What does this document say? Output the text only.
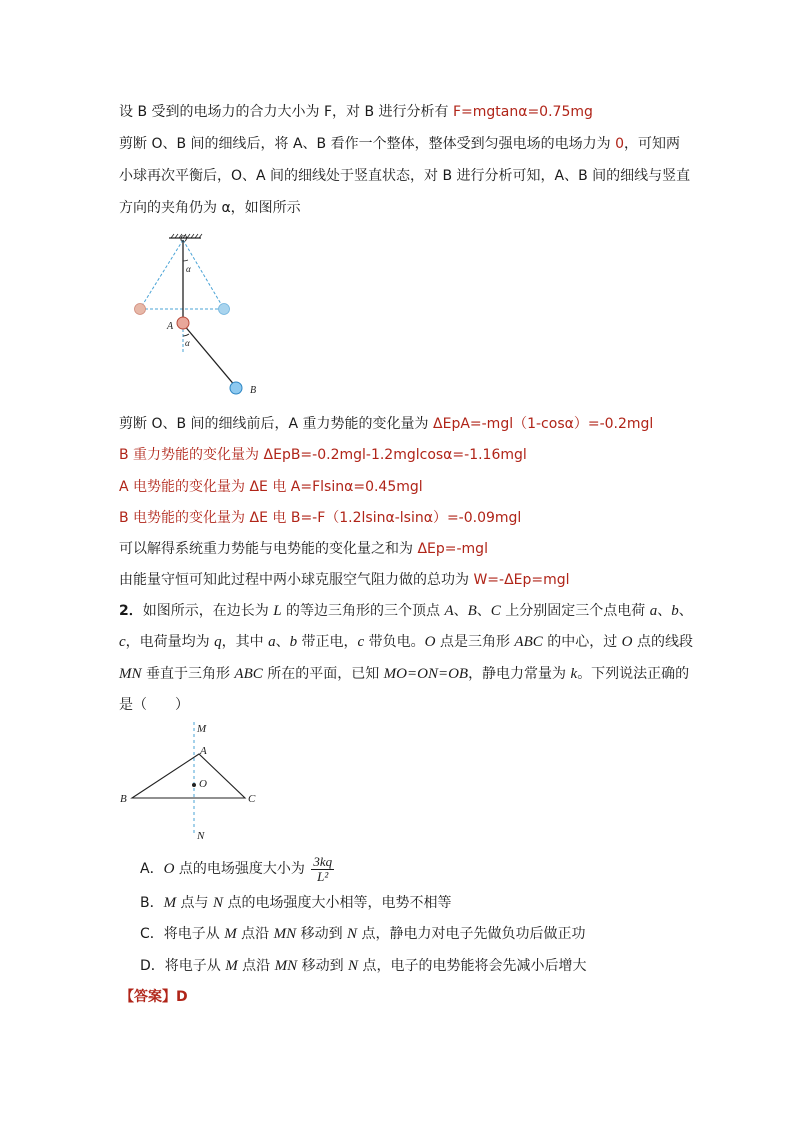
设 B 受到的电场力的合力大小为 F，对 B 进行分析有 F=mgtanα=0.75mg
剪断 O、B 间的细线后，将 A、B 看作一个整体，整体受到匀强电场的电场力为 0，可知两
小球再次平衡后，O、A 间的细线处于竖直状态，对 B 进行分析可知，A、B 间的细线与竖直
方向的夹角仍为 α，如图所示
O
α
α
A
B
剪断 O、B 间的细线前后，A 重力势能的变化量为 ΔEpA=-mgl（1-cosα）=-0.2mgl
B 重力势能的变化量为 ΔEpB=-0.2mgl-1.2mglcosα=-1.16mgl
A 电势能的变化量为 ΔE 电 A=Flsinα=0.45mgl
B 电势能的变化量为 ΔE 电 B=-F（1.2lsinα-lsinα）=-0.09mgl
可以解得系统重力势能与电势能的变化量之和为 ΔEp=-mgl
由能量守恒可知此过程中两小球克服空气阻力做的总功为 W=-ΔEp=mgl
2．如图所示，在边长为 L 的等边三角形的三个顶点 A、B、C 上分别固定三个点电荷 a、b、
c，电荷量均为 q，其中 a、b 带正电，c 带负电。O 点是三角形 ABC 的中心，过 O 点的线段
MN 垂直于三角形 ABC 所在的平面，已知 MO=ON=OB，静电力常量为 k。下列说法正确的
是（　　）
M
A
O
B	C
N
A．O 点的电场强度大小为 $\frac{3kq}{\text{L²}}$
B．M 点与 N 点的电场强度大小相等，电势不相等
C．将电子从 M 点沿 MN 移动到 N 点，静电力对电子先做负功后做正功
D．将电子从 M 点沿 MN 移动到 N 点，电子的电势能将会先减小后增大
【答案】D
